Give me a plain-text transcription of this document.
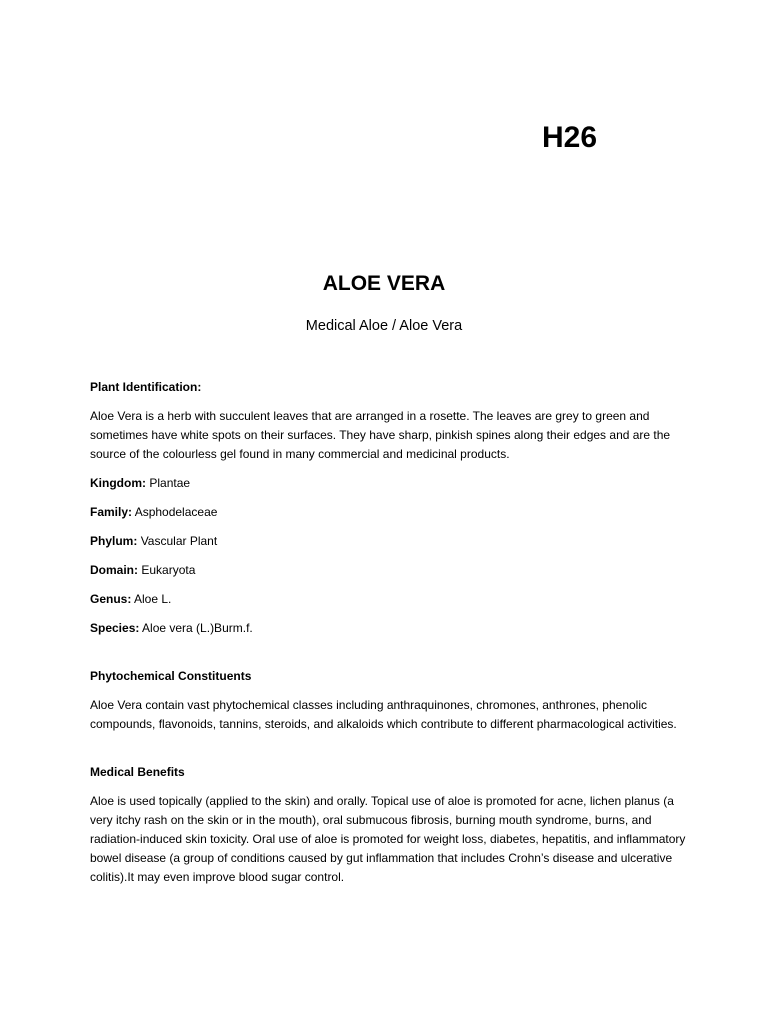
H26
ALOE VERA
Medical Aloe / Aloe Vera

Plant Identification:

Aloe Vera is a herb with succulent leaves that are arranged in a rosette. The leaves are grey to green and sometimes have white spots on their surfaces. They have sharp, pinkish spines along their edges and are the source of the colourless gel found in many commercial and medicinal products.

Kingdom: Plantae

Family: Asphodelaceae

Phylum: Vascular Plant

Domain: Eukaryota

Genus: Aloe L.

Species: Aloe vera (L.)Burm.f.

Phytochemical Constituents

Aloe Vera contain vast phytochemical classes including anthraquinones, chromones, anthrones, phenolic compounds, flavonoids, tannins, steroids, and alkaloids which contribute to different pharmacological activities.

Medical Benefits

Aloe is used topically (applied to the skin) and orally. Topical use of aloe is promoted for acne, lichen planus (a very itchy rash on the skin or in the mouth), oral submucous fibrosis, burning mouth syndrome, burns, and radiation-induced skin toxicity. Oral use of aloe is promoted for weight loss, diabetes, hepatitis, and inflammatory bowel disease (a group of conditions caused by gut inflammation that includes Crohn’s disease and ulcerative colitis).It may even improve blood sugar control.
